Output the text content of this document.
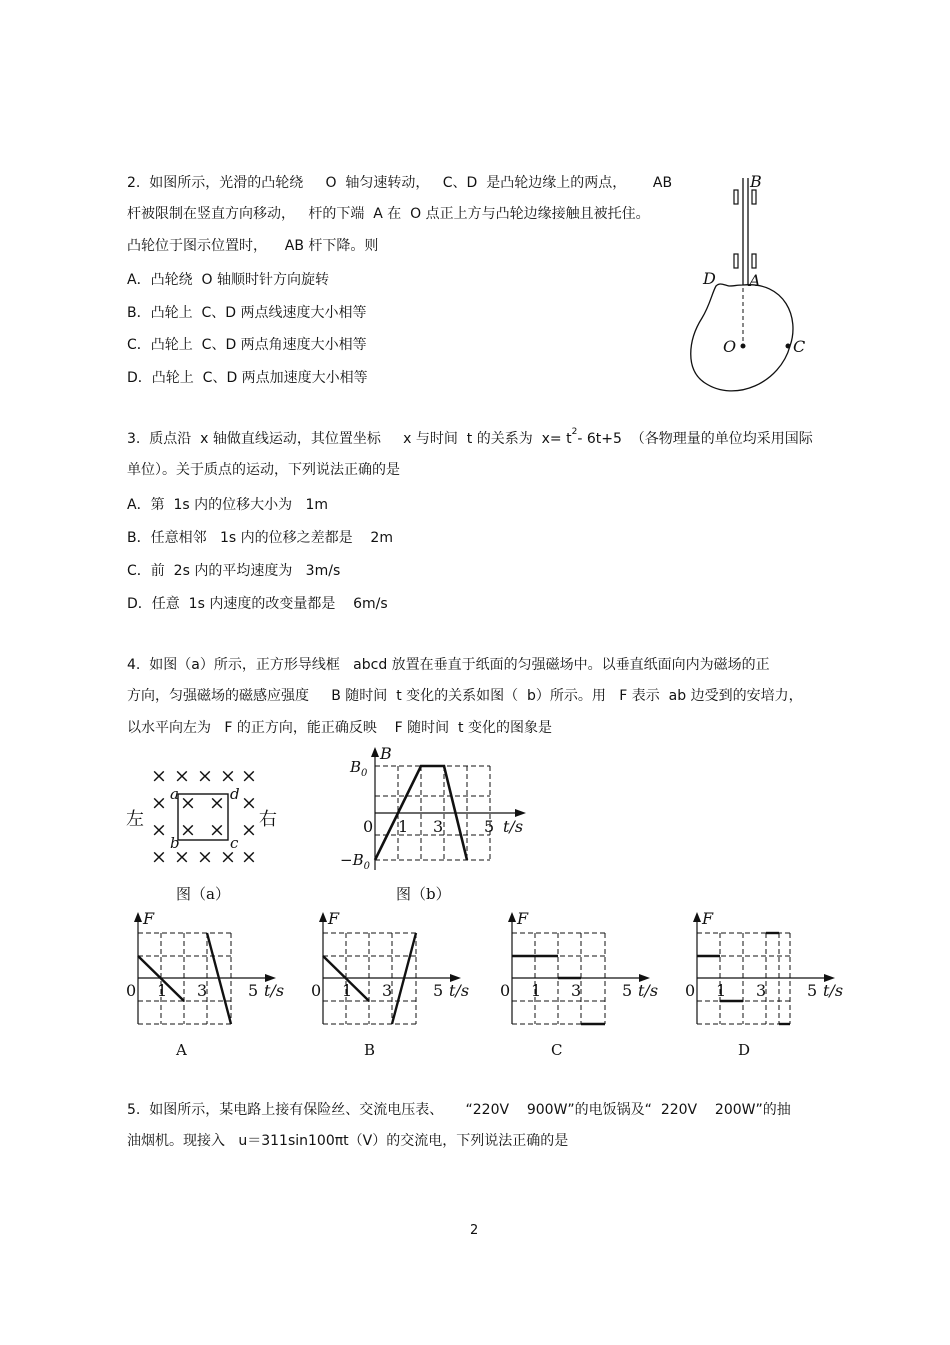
2.  如图所示，光滑的凸轮绕     O  轴匀速转动，   C、D  是凸轮边缘上的两点，      AB
杆被限制在竖直方向移动，   杆的下端  A 在  O 点正上方与凸轮边缘接触且被托住。
凸轮位于图示位置时，    AB 杆下降。则
A．凸轮绕  O 轴顺时针方向旋转
B．凸轮上  C、D 两点线速度大小相等
C．凸轮上  C、D 两点角速度大小相等
D．凸轮上  C、D 两点加速度大小相等
B
A
D
O	C
3.  质点沿  x 轴做直线运动，其位置坐标     x 与时间  t 的关系为  $x= t^2-$ 6t+5  （各物理量的单位均采用国际
单位）。关于质点的运动，下列说法正确的是
A．第  1s 内的位移大小为   1m
B．任意相邻   1s 内的位移之差都是    2m
C．前  2s 内的平均速度为   3m/s
D．任意  1s 内速度的改变量都是    6m/s
4.  如图（a）所示，正方形导线框   abcd 放置在垂直于纸面的匀强磁场中。以垂直纸面向内为磁场的正
方向，匀强磁场的磁感应强度     B 随时间  t 变化的关系如图（  b）所示。用   F 表示  ab 边受到的安培力，
以水平向左为   F 的正方向，能正确反映    F 随时间  t 变化的图象是
× × × × ×
×	×
×	×
× × × × ×
× ×
× ×
a	d
b	c
左	右
图（a）
B
$B_0$
$-B_0$
0 1 3	5 t/s
图（b）
F
0 1 3	5 t/s
A
F
0 1 3	5 t/s
B
F
0 1 3	5 t/s
C
F
0 1 3	5 t/s
D
5.  如图所示，某电路上接有保险丝、交流电压表、     “220V    900W”的电饭锅及“  220V    200W”的抽
油烟机。现接入   u＝311sin100πt（V）的交流电，下列说法正确的是
2
